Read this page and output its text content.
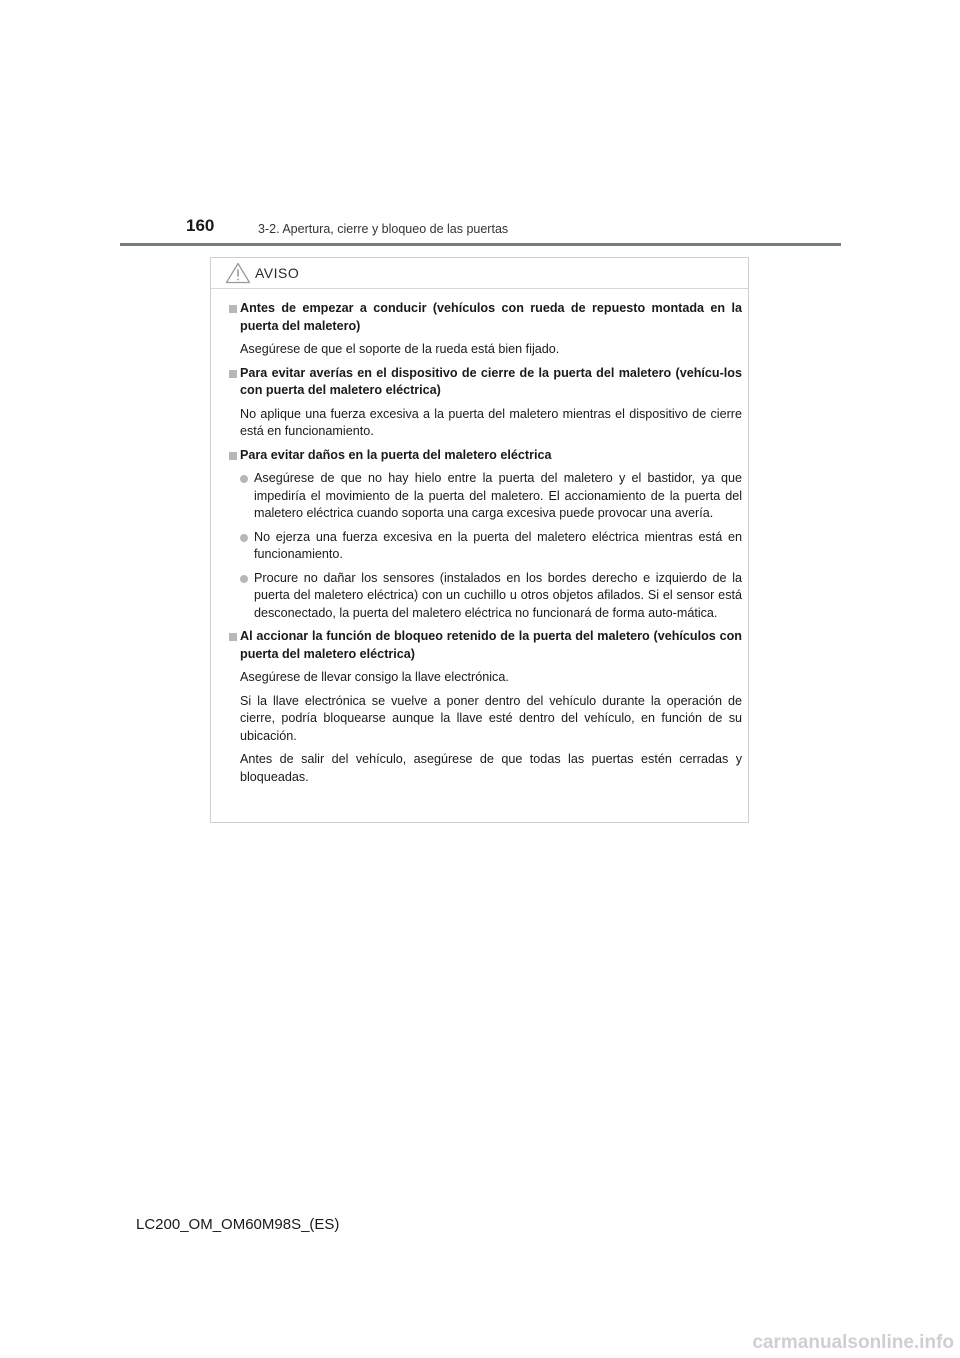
160	3-2. Apertura, cierre y bloqueo de las puertas
AVISO
Antes de empezar a conducir (vehículos con rueda de repuesto montada en la puerta del maletero)
Asegúrese de que el soporte de la rueda está bien fijado.
Para evitar averías en el dispositivo de cierre de la puerta del maletero (vehícu-los con puerta del maletero eléctrica)
No aplique una fuerza excesiva a la puerta del maletero mientras el dispositivo de cierre está en funcionamiento.
Para evitar daños en la puerta del maletero eléctrica
Asegúrese de que no hay hielo entre la puerta del maletero y el bastidor, ya que impediría el movimiento de la puerta del maletero. El accionamiento de la puerta del maletero eléctrica cuando soporta una carga excesiva puede provocar una avería.
No ejerza una fuerza excesiva en la puerta del maletero eléctrica mientras está en funcionamiento.
Procure no dañar los sensores (instalados en los bordes derecho e izquierdo de la puerta del maletero eléctrica) con un cuchillo u otros objetos afilados. Si el sensor está desconectado, la puerta del maletero eléctrica no funcionará de forma auto-mática.
Al accionar la función de bloqueo retenido de la puerta del maletero (vehículos con puerta del maletero eléctrica)
Asegúrese de llevar consigo la llave electrónica.
Si la llave electrónica se vuelve a poner dentro del vehículo durante la operación de cierre, podría bloquearse aunque la llave esté dentro del vehículo, en función de su ubicación.
Antes de salir del vehículo, asegúrese de que todas las puertas estén cerradas y bloqueadas.
LC200_OM_OM60M98S_(ES)
carmanualsonline.info
